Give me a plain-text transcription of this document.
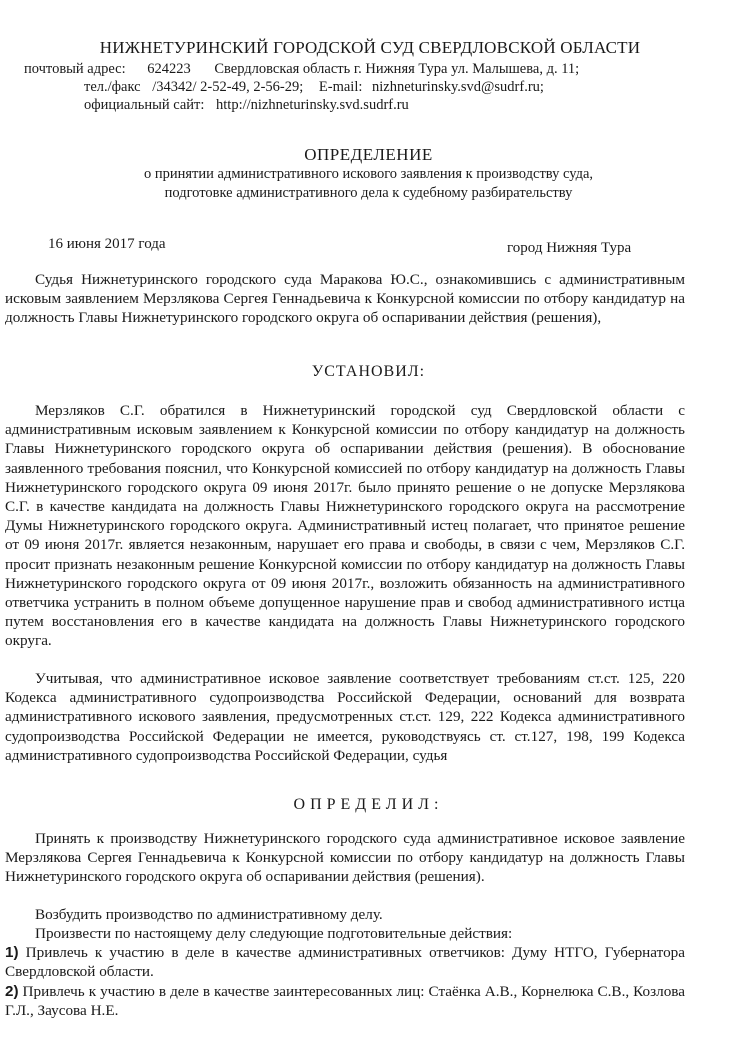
НИЖНЕТУРИНСКИЙ ГОРОДСКОЙ СУД СВЕРДЛОВСКОЙ ОБЛАСТИ
почтовый адрес: 624223 Свердловская область г. Нижняя Тура ул. Малышева, д. 11;
тел./факс /34342/ 2-52-49, 2-56-29; E-mail: nizhneturinsky.svd@sudrf.ru;
официальный сайт: http://nizhneturinsky.svd.sudrf.ru
ОПРЕДЕЛЕНИЕ
о принятии административного искового заявления к производству суда,
подготовке административного дела к судебному разбирательству
16 июня 2017 года	город Нижняя Тура
Судья Нижнетуринского городского суда Маракова Ю.С., ознакомившись с административным исковым заявлением Мерзлякова Сергея Геннадьевича к Конкурсной комиссии по отбору кандидатур на должность Главы Нижнетуринского городского округа об оспаривании действия (решения),
УСТАНОВИЛ:
Мерзляков С.Г. обратился в Нижнетуринский городской суд Свердловской области с административным исковым заявлением к Конкурсной комиссии по отбору кандидатур на должность Главы Нижнетуринского городского округа об оспаривании действия (решения). В обоснование заявленного требования пояснил, что Конкурсной комиссией по отбору кандидатур на должность Главы Нижнетуринского городского округа 09 июня 2017г. было принято решение о не допуске Мерзлякова С.Г. в качестве кандидата на должность Главы Нижнетуринского городского округа на рассмотрение Думы Нижнетуринского городского округа. Административный истец полагает, что принятое решение от 09 июня 2017г. является незаконным, нарушает его права и свободы, в связи с чем, Мерзляков С.Г. просит признать незаконным решение Конкурсной комиссии по отбору кандидатур на должность Главы Нижнетуринского городского округа от 09 июня 2017г., возложить обязанность на административного ответчика устранить в полном объеме допущенное нарушение прав и свобод административного истца путем восстановления его в качестве кандидата на должность Главы Нижнетуринского городского округа.
Учитывая, что административное исковое заявление соответствует требованиям ст.ст. 125, 220 Кодекса административного судопроизводства Российской Федерации, оснований для возврата административного искового заявления, предусмотренных ст.ст. 129, 222 Кодекса административного судопроизводства Российской Федерации не имеется, руководствуясь ст. ст.127, 198, 199 Кодекса административного судопроизводства Российской Федерации, судья
ОПРЕДЕЛИЛ:
Принять к производству Нижнетуринского городского суда административное исковое заявление Мерзлякова Сергея Геннадьевича к Конкурсной комиссии по отбору кандидатур на должность Главы Нижнетуринского городского округа об оспаривании действия (решения).
Возбудить производство по административному делу.
Произвести по настоящему делу следующие подготовительные действия:
1) Привлечь к участию в деле в качестве административных ответчиков: Думу НТГО, Губернатора Свердловской области.
2) Привлечь к участию в деле в качестве заинтересованных лиц: Стаёнка А.В., Корнелюка С.В., Козлова Г.Л., Заусова Н.Е.
